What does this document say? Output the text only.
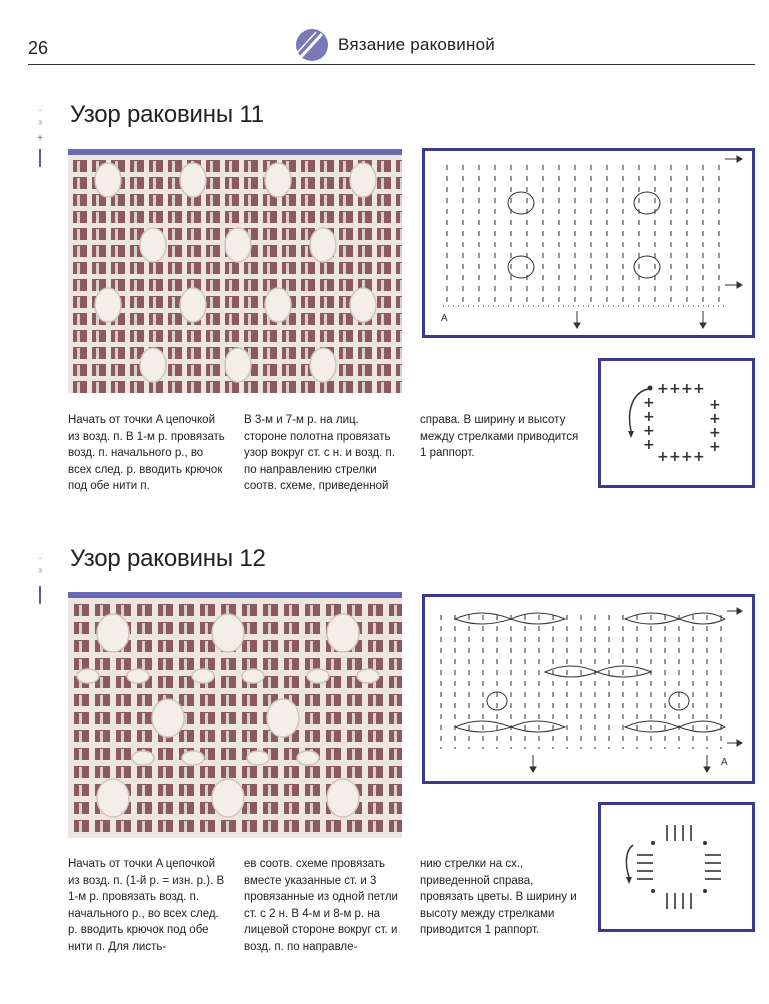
26	Вязание раковиной
·
ᵓ
+
Узор раковины 11
A
+ + + +
+
+
+
+
+
+
+
+
+ + + +
Начать от точки A цепочкой из возд. п. В 1-м р. провязать возд. п. начального р., во всех след. р. вводить крючок под обе нити п.
В 3-м и 7-м р. на лиц. стороне полотна провязать узор вокруг ст. с н. и возд. п. по направлению стрелки соотв. схеме, приведенной
справа. В ширину и высоту между стрелками приводится 1 раппорт.
·
ᵓ
Узор раковины 12
A
Начать от точки A цепочкой из возд. п. (1-й р. = изн. р.). В 1-м р. провязать возд. п. начального р., во всех след. р. вводить крючок под обе нити п. Для листь-
ев соотв. схеме провязать вместе указанные ст. и 3 провязанные из одной петли ст. с 2 н. В 4-м и 8-м р. на лицевой стороне вокруг ст. и возд. п. по направле-
нию стрелки на сх., приведенной справа, провязать цветы. В ширину и высоту между стрелками приводится 1 раппорт.
